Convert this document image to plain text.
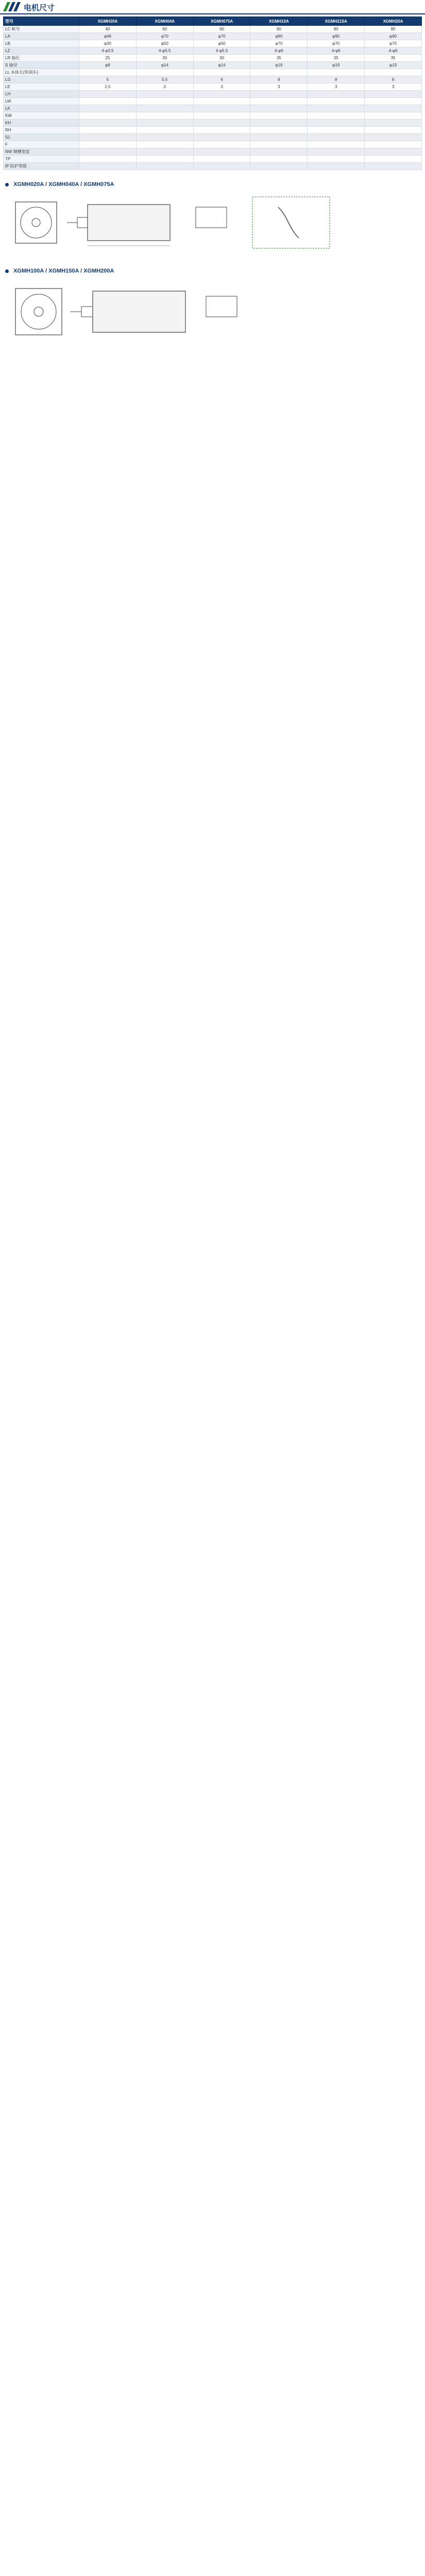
电机尺寸
型号	XGMH20A	XGMH04A	XGMH075A	XGMH10A	XGMH215A	XGMH20A
LC 框号	40	60	60	80	80	80
LA	φ46	φ70	φ70	φ90	φ90	φ90
LB	φ30	φ50	φ50	φ70	φ70	φ70
LZ	4-φ3.5	4-φ5.5	4-φ5.5	4-φ6	4-φ6	4-φ6
LR 轴长	25	30	30	35	35	35
S 轴径	φ8	φ14	φ14	φ19	φ19	φ19
LL 本体长(带刹车)						
LG	5	5.5	6	8	8	8
LE	2.5	3	3	3	3	3
LH						
LW						
LK						
KW						
KH						
RH						
S1						
F						
NW 键槽宽度						
TP						
IP 防护等级						
XGMH020A / XGMH040A / XGMH075A
XGMH100A / XGMH150A / XGMH200A
